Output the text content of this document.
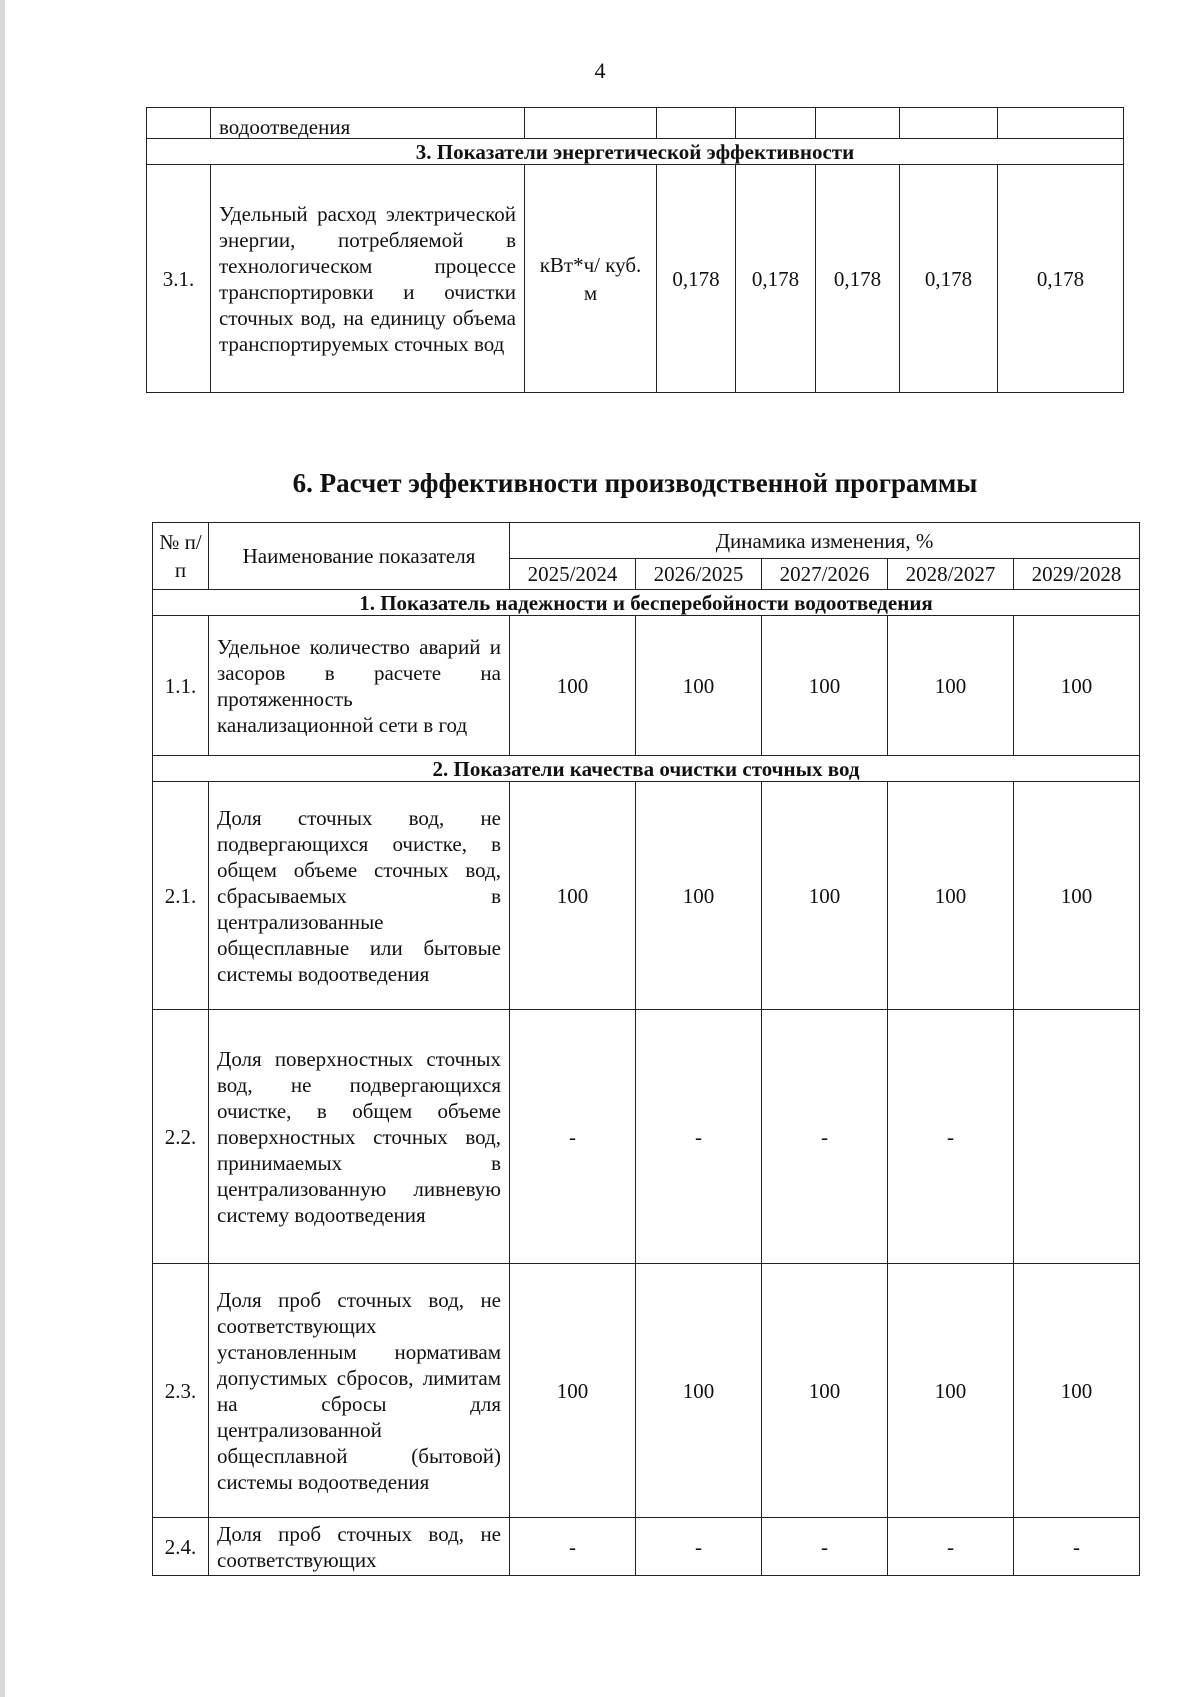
4
	водоотведения						
3. Показатели энергетической эффективности							
3.1.	Удельный расход электрической энергии, потребляемой в технологическом процессе транспортировки и очистки сточных вод, на единицу объема транспортируемых сточных вод	кВт*ч/ куб. м	0,178	0,178	0,178	0,178	0,178
6. Расчет эффективности производственной программы
№ п/п	Наименование показателя	Динамика изменения, %				
		2025/2024	2026/2025	2027/2026	2028/2027	2029/2028
1. Показатель надежности и бесперебойности водоотведения						
1.1.	Удельное количество аварий и засоров в расчете на протяженность канализационной сети в год	100	100	100	100	100
2. Показатели качества очистки сточных вод						
2.1.	Доля сточных вод, не подвергающихся очистке, в общем объеме сточных вод, сбрасываемых в централизованные общесплавные или бытовые системы водоотведения	100	100	100	100	100
2.2.	Доля поверхностных сточных вод, не подвергающихся очистке, в общем объеме поверхностных сточных вод, принимаемых в централизованную ливневую систему водоотведения	-	-	-	-	
2.3.	Доля проб сточных вод, не соответствующих установленным нормативам допустимых сбросов, лимитам на сбросы для централизованной общесплавной (бытовой) системы водоотведения	100	100	100	100	100
2.4.	Доля проб сточных вод, не соответствующих	-	-	-	-	-
